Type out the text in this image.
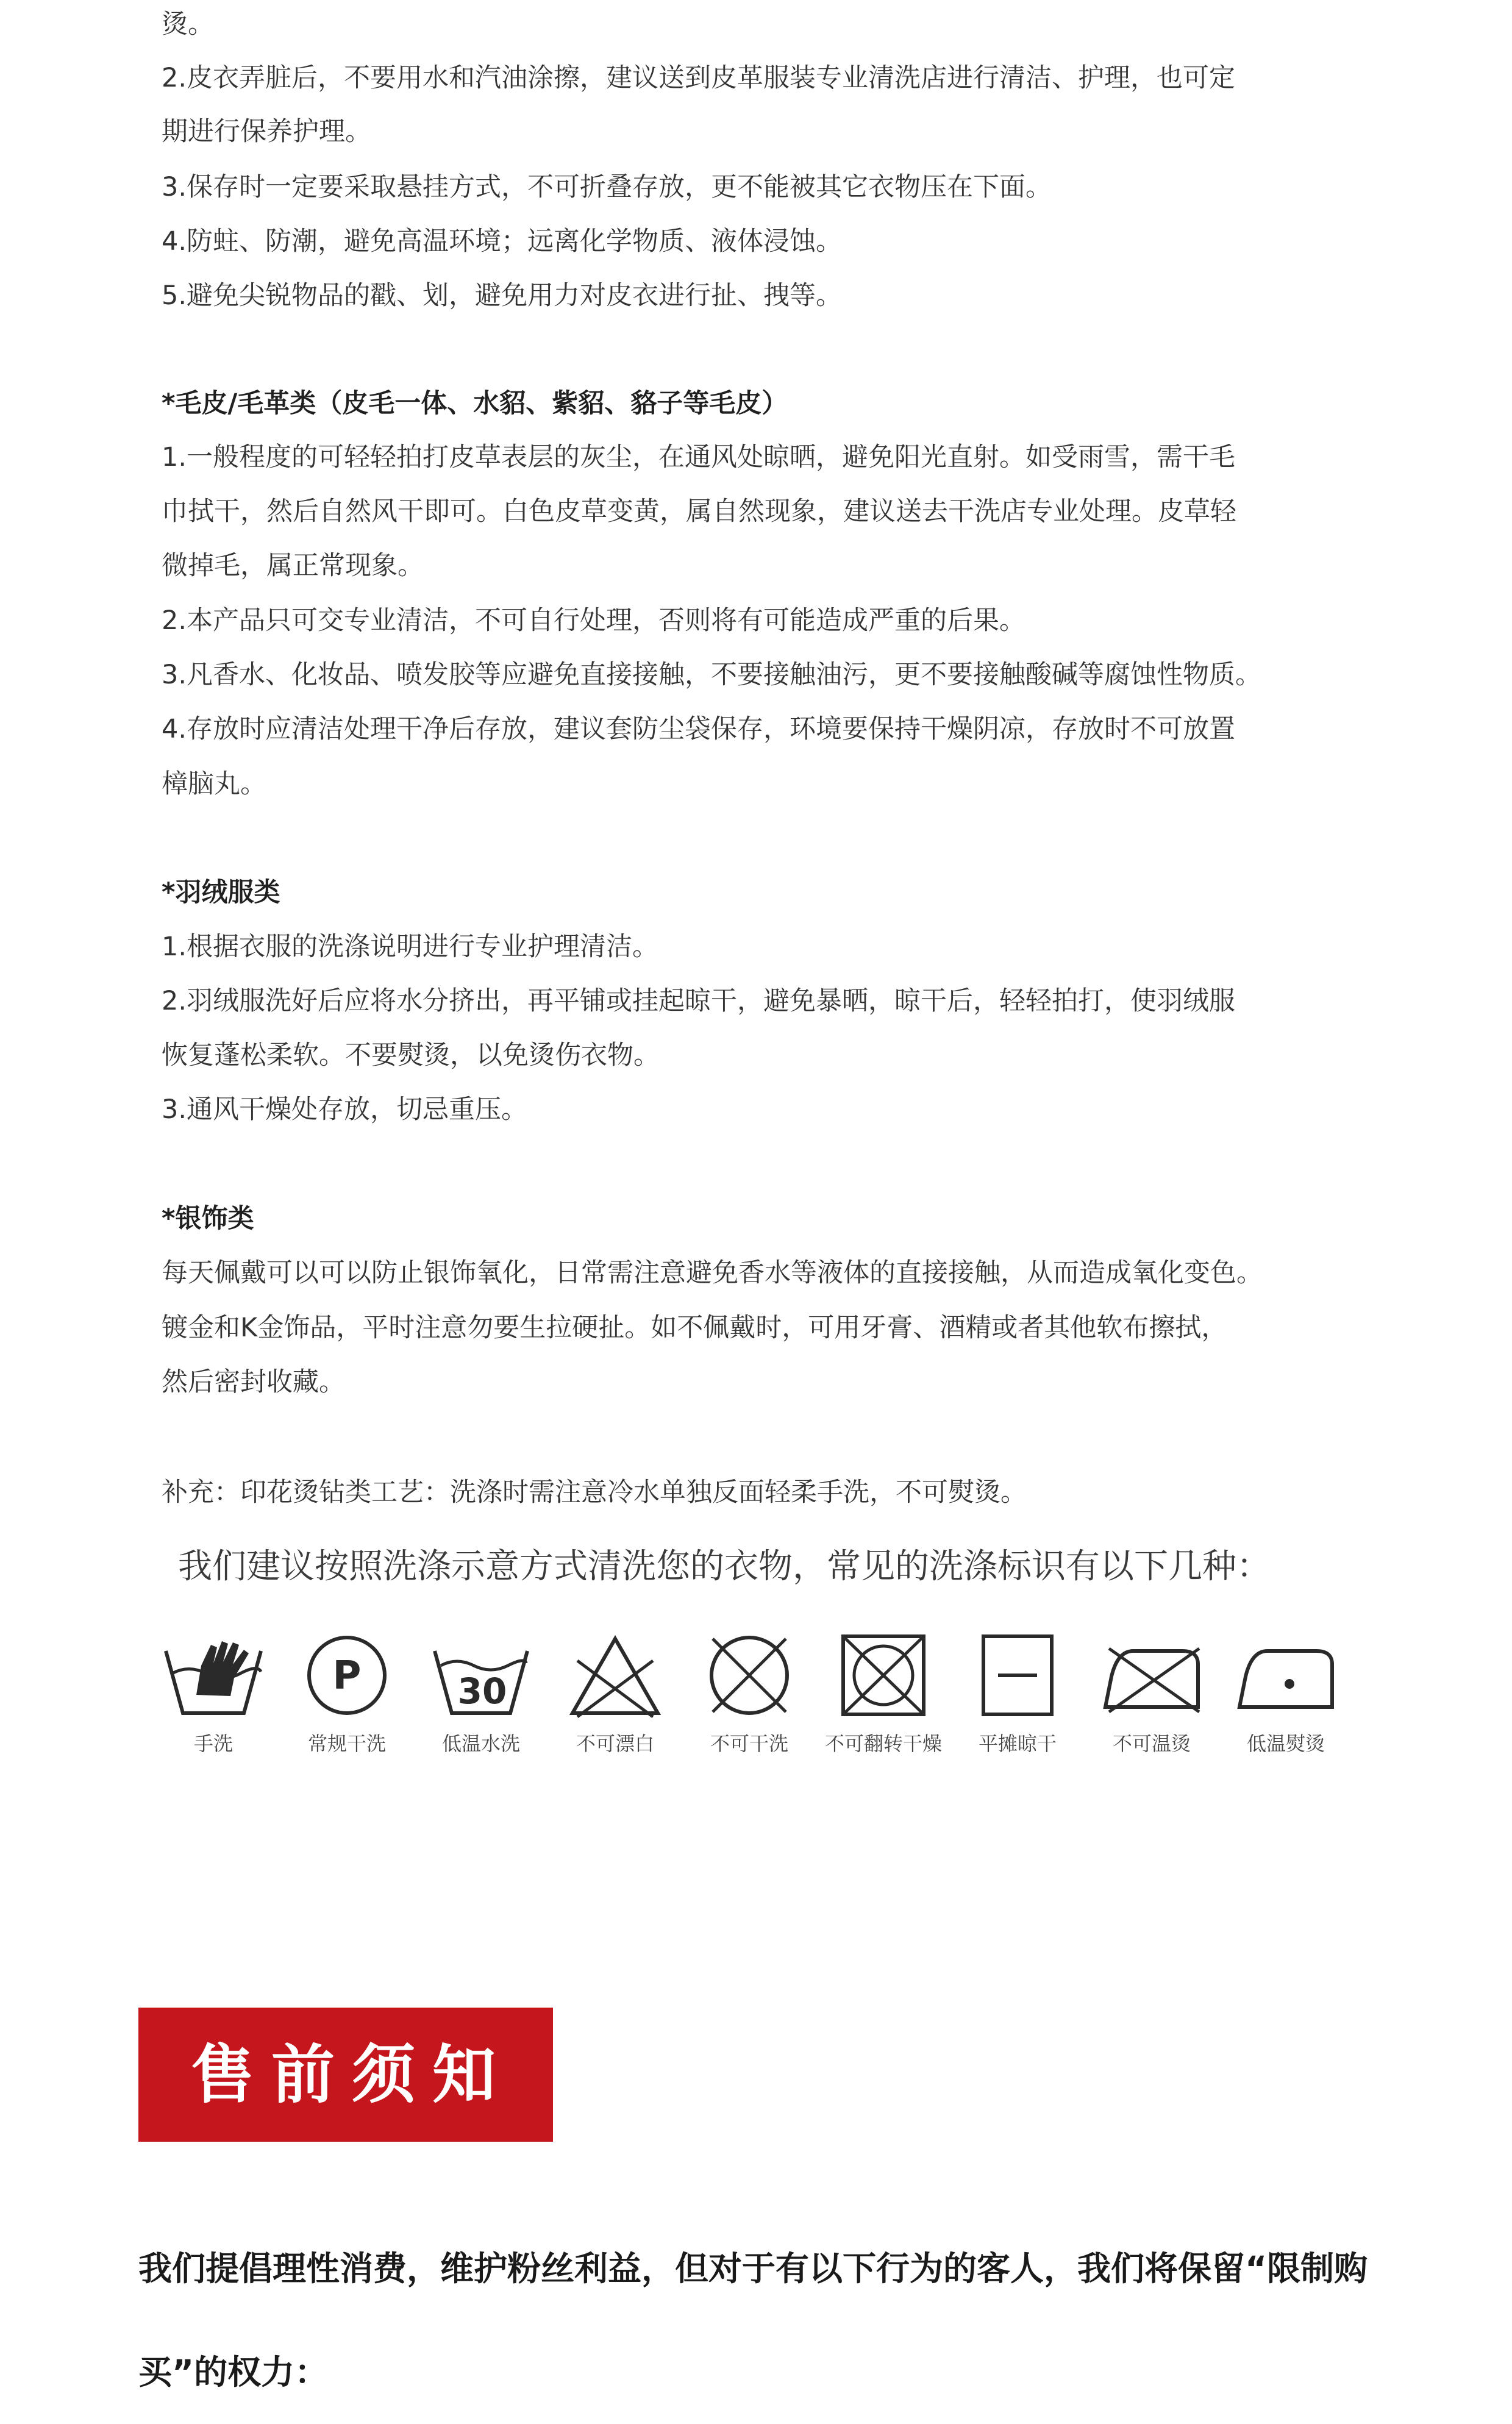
烫。
2.皮衣弄脏后，不要用水和汽油涂擦，建议送到皮革服装专业清洗店进行清洁、护理，也可定
期进行保养护理。
3.保存时一定要采取悬挂方式，不可折叠存放，更不能被其它衣物压在下面。
4.防蛀、防潮，避免高温环境；远离化学物质、液体浸蚀。
5.避免尖锐物品的戳、划，避免用力对皮衣进行扯、拽等。
*毛皮/毛革类（皮毛一体、水貂、紫貂、貉子等毛皮）
1.一般程度的可轻轻拍打皮草表层的灰尘，在通风处晾晒，避免阳光直射。如受雨雪，需干毛
巾拭干，然后自然风干即可。白色皮草变黄，属自然现象，建议送去干洗店专业处理。皮草轻
微掉毛，属正常现象。
2.本产品只可交专业清洁，不可自行处理，否则将有可能造成严重的后果。
3.凡香水、化妆品、喷发胶等应避免直接接触，不要接触油污，更不要接触酸碱等腐蚀性物质。
4.存放时应清洁处理干净后存放，建议套防尘袋保存，环境要保持干燥阴凉，存放时不可放置
樟脑丸。
*羽绒服类
1.根据衣服的洗涤说明进行专业护理清洁。
2.羽绒服洗好后应将水分挤出，再平铺或挂起晾干，避免暴晒，晾干后，轻轻拍打，使羽绒服
恢复蓬松柔软。不要熨烫，以免烫伤衣物。
3.通风干燥处存放，切忌重压。
*银饰类
每天佩戴可以可以防止银饰氧化，日常需注意避免香水等液体的直接接触，从而造成氧化变色。
镀金和K金饰品，平时注意勿要生拉硬扯。如不佩戴时，可用牙膏、酒精或者其他软布擦拭，
然后密封收藏。
补充：印花烫钻类工艺：洗涤时需注意冷水单独反面轻柔手洗，不可熨烫。
我们建议按照洗涤示意方式清洗您的衣物，常见的洗涤标识有以下几种：
手洗
P
常规干洗
30
低温水洗	不可漂白	不可干洗	不可翻转干燥	平摊晾干	不可温烫	低温熨烫
售前须知
我们提倡理性消费，维护粉丝利益，但对于有以下行为的客人，我们将保留“限制购买”的权力：
